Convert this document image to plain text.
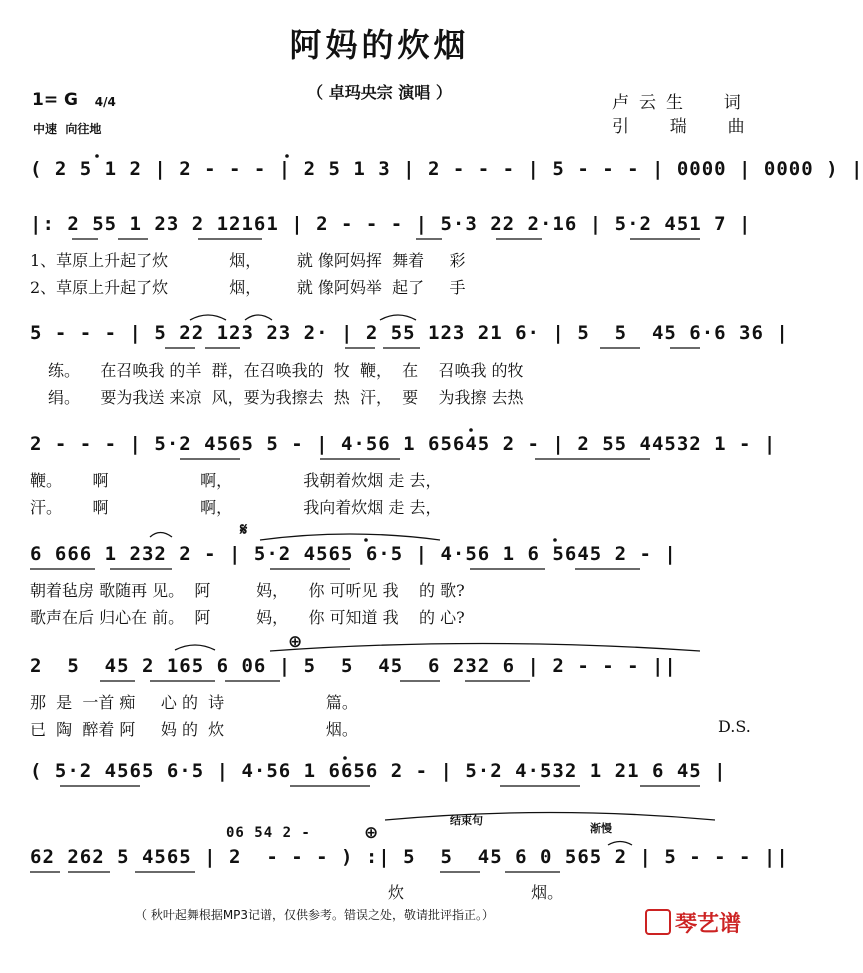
阿妈的炊烟
（ 卓玛央宗 演唱 ）
1= G	4/4

中速  向往地
卢云生  词
引  瑞  曲
( 2 5 1 2 | 2 - - - | 2 5 1 3 | 2 - - - | 5 - - - | 0000 | 0000 ) |
|: 2 55 1 23 2 12161 | 2 - - - | 5·3 22 2·16 | 5·2 451 7 |
1、草原上升起了炊            烟，       就 像阿妈挥  舞着     彩
2、草原上升起了炊            烟，       就 像阿妈举  起了     手
5 - - - | 5 22 123 23 2· | 2 55 123 21 6· | 5  5  45 6·6 36 |
练。    在召唤我 的羊  群，在召唤我的  牧  鞭，  在    召唤我 的牧
绢。    要为我送 来凉  风，要为我擦去  热  汗，  要    为我擦 去热
2 - - - | 5·2 4565 5 - | 4·56 1 65645 2 - | 2 55 44532 1 - |
鞭。      啊                  啊，              我朝着炊烟 走 去，
汗。      啊                  啊，              我向着炊烟 走 去，
𝄋
6 666 1 232 2 - | 5·2 4565 6·5 | 4·56 1 6 5645 2 - |
朝着毡房 歌随再 见。  阿         妈，    你 可听见 我    的 歌?
歌声在后 归心在 前。  阿         妈，    你 可知道 我    的 心?
⊕
2  5  45 2 165 6 06 | 5  5  45  6 232 6 | 2 - - - ||
那  是  一首 痴     心 的  诗                    篇。
已  陶  醉着 阿     妈 的  炊                    烟。	D.S.
( 5·2 4565 6·5 | 4·56 1 6656 2 - | 5·2 4·532 1 21 6 45 |
06 54 2 -	⊕
结束句
渐慢
62 262 5 4565 | 2  - - - ) :| 5  5  45 6 0 565 2 | 5 - - - ||
炊                         烟。
（ 秋叶起舞根据MP3记谱，仅供参考。错误之处，敬请批评指正。）	琴艺谱
